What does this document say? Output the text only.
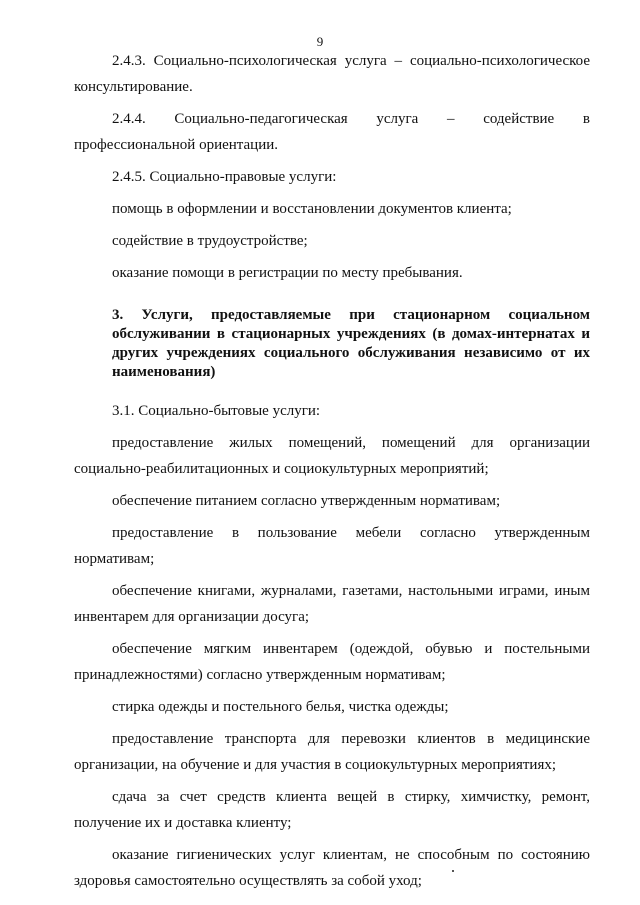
9

2.4.3. Социально-психологическая услуга – социально-психологическое консультирование.

2.4.4. Социально-педагогическая услуга – содействие в

профессиональной ориентации.

2.4.5. Социально-правовые услуги:

помощь в оформлении и восстановлении документов клиента;

содействие в трудоустройстве;

оказание помощи в регистрации по месту пребывания.

3. Услуги, предоставляемые при стационарном социальном обслуживании в стационарных учреждениях (в домах-интернатах и других учреждениях социального обслуживания независимо от их наименования)

3.1. Социально-бытовые услуги:

предоставление жилых помещений, помещений для организации социально-реабилитационных и социокультурных мероприятий;

обеспечение питанием согласно утвержденным нормативам;

предоставление в пользование мебели согласно утвержденным нормативам;

обеспечение книгами, журналами, газетами, настольными играми, иным инвентарем для организации досуга;

обеспечение мягким инвентарем (одеждой, обувью и постельными принадлежностями) согласно утвержденным нормативам;

стирка одежды и постельного белья, чистка одежды;

предоставление транспорта для перевозки клиентов в медицинские организации, на обучение и для участия в социокультурных мероприятиях;

сдача за счет средств клиента вещей в стирку, химчистку, ремонт, получение их и доставка клиенту;

оказание гигиенических услуг клиентам, не способным по состоянию здоровья самостоятельно осуществлять за собой уход;
